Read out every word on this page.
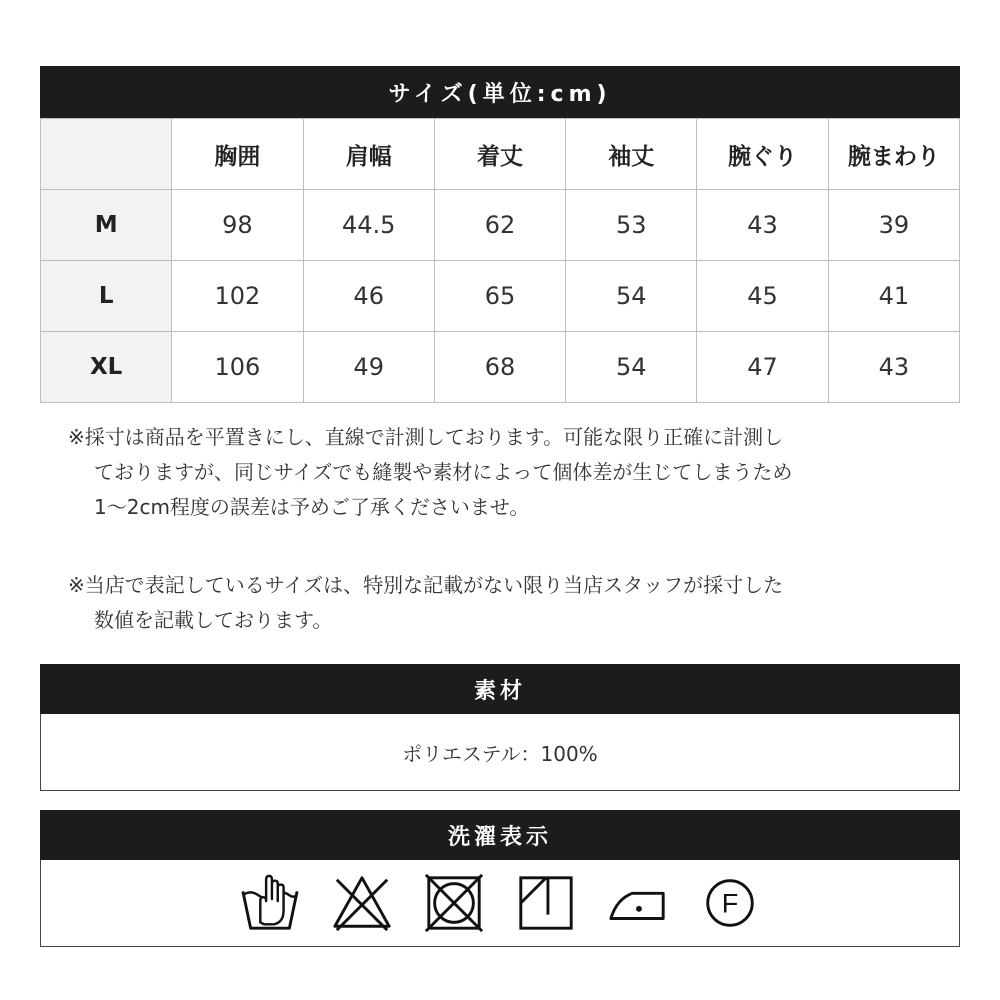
サイズ(単位:cm)
	胸囲	肩幅	着丈	袖丈	腕ぐり	腕まわり
M	98	44.5	62	53	43	39
L	102	46	65	54	45	41
XL	106	49	68	54	47	43
※採寸は商品を平置きにし、直線で計測しております。可能な限り正確に計測し
ておりますが、同じサイズでも縫製や素材によって個体差が生じてしまうため
1～2cm程度の誤差は予めご了承くださいませ。
※当店で表記しているサイズは、特別な記載がない限り当店スタッフが採寸した
数値を記載しております。
素材
ポリエステル：100%
洗濯表示
F
